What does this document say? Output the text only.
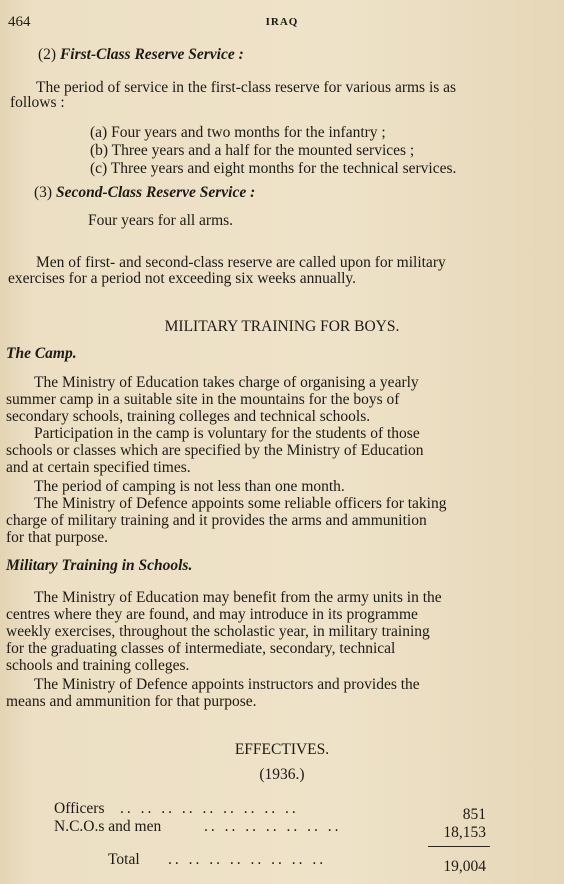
464	IRAQ
(2) First-Class Reserve Service :
The period of service in the first-class reserve for various arms is as
follows :
(a) Four years and two months for the infantry ;
(b) Three years and a half for the mounted services ;
(c) Three years and eight months for the technical services.
(3) Second-Class Reserve Service :
Four years for all arms.
Men of first- and second-class reserve are called upon for military
exercises for a period not exceeding six weeks annually.
MILITARY TRAINING FOR BOYS.
The Camp.
The Ministry of Education takes charge of organising a yearly
summer camp in a suitable site in the mountains for the boys of
secondary schools, training colleges and technical schools.
Participation in the camp is voluntary for the students of those
schools or classes which are specified by the Ministry of Education
and at certain specified times.
The period of camping is not less than one month.
The Ministry of Defence appoints some reliable officers for taking
charge of military training and it provides the arms and ammunition
for that purpose.
Military Training in Schools.
The Ministry of Education may benefit from the army units in the
centres where they are found, and may introduce in its programme
weekly exercises, throughout the scholastic year, in military training
for the graduating classes of intermediate, secondary, technical
schools and training colleges.
The Ministry of Defence appoints instructors and provides the
means and ammunition for that purpose.
EFFECTIVES.
(1936.)
Officers .. .. .. .. .. .. .. .. ..	851
N.C.O.s and men	.. .. .. .. .. .. ..	18,153
Total .. .. .. .. .. .. .. ..	19,004
